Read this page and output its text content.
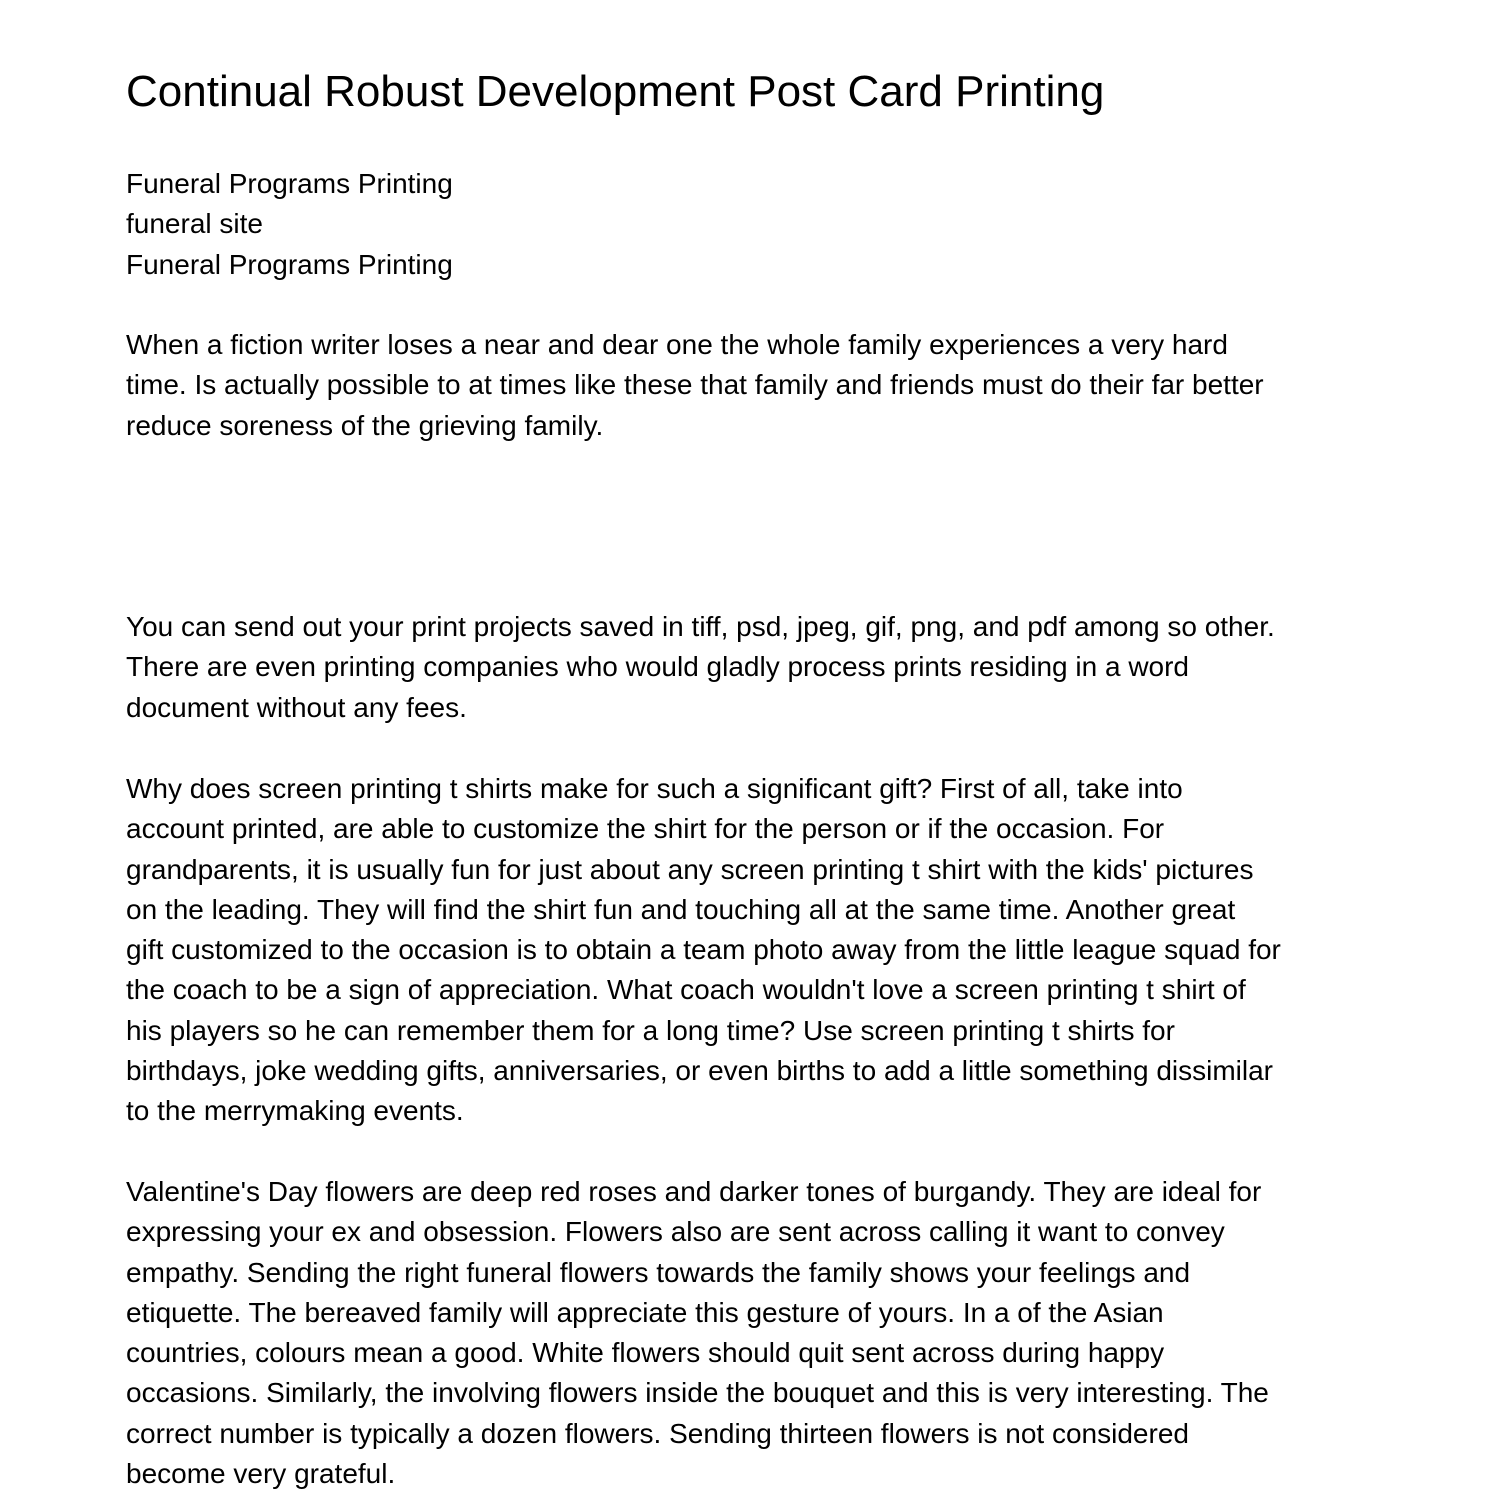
Continual Robust Development Post Card Printing
Funeral Programs Printing
funeral site
Funeral Programs Printing

When a fiction writer loses a near and dear one the whole family experiences a very hard
time. Is actually possible to at times like these that family and friends must do their far better
reduce soreness of the grieving family.

You can send out your print projects saved in tiff, psd, jpeg, gif, png, and pdf among so other.
There are even printing companies who would gladly process prints residing in a word
document without any fees.

Why does screen printing t shirts make for such a significant gift? First of all, take into
account printed, are able to customize the shirt for the person or if the occasion. For
grandparents, it is usually fun for just about any screen printing t shirt with the kids' pictures
on the leading. They will find the shirt fun and touching all at the same time. Another great
gift customized to the occasion is to obtain a team photo away from the little league squad for
the coach to be a sign of appreciation. What coach wouldn't love a screen printing t shirt of
his players so he can remember them for a long time? Use screen printing t shirts for
birthdays, joke wedding gifts, anniversaries, or even births to add a little something dissimilar
to the merrymaking events.

Valentine's Day flowers are deep red roses and darker tones of burgandy. They are ideal for
expressing your ex and obsession. Flowers also are sent across calling it want to convey
empathy. Sending the right funeral flowers towards the family shows your feelings and
etiquette. The bereaved family will appreciate this gesture of yours. In a of the Asian
countries, colours mean a good. White flowers should quit sent across during happy
occasions. Similarly, the involving flowers inside the bouquet and this is very interesting. The
correct number is typically a dozen flowers. Sending thirteen flowers is not considered
become very grateful.
